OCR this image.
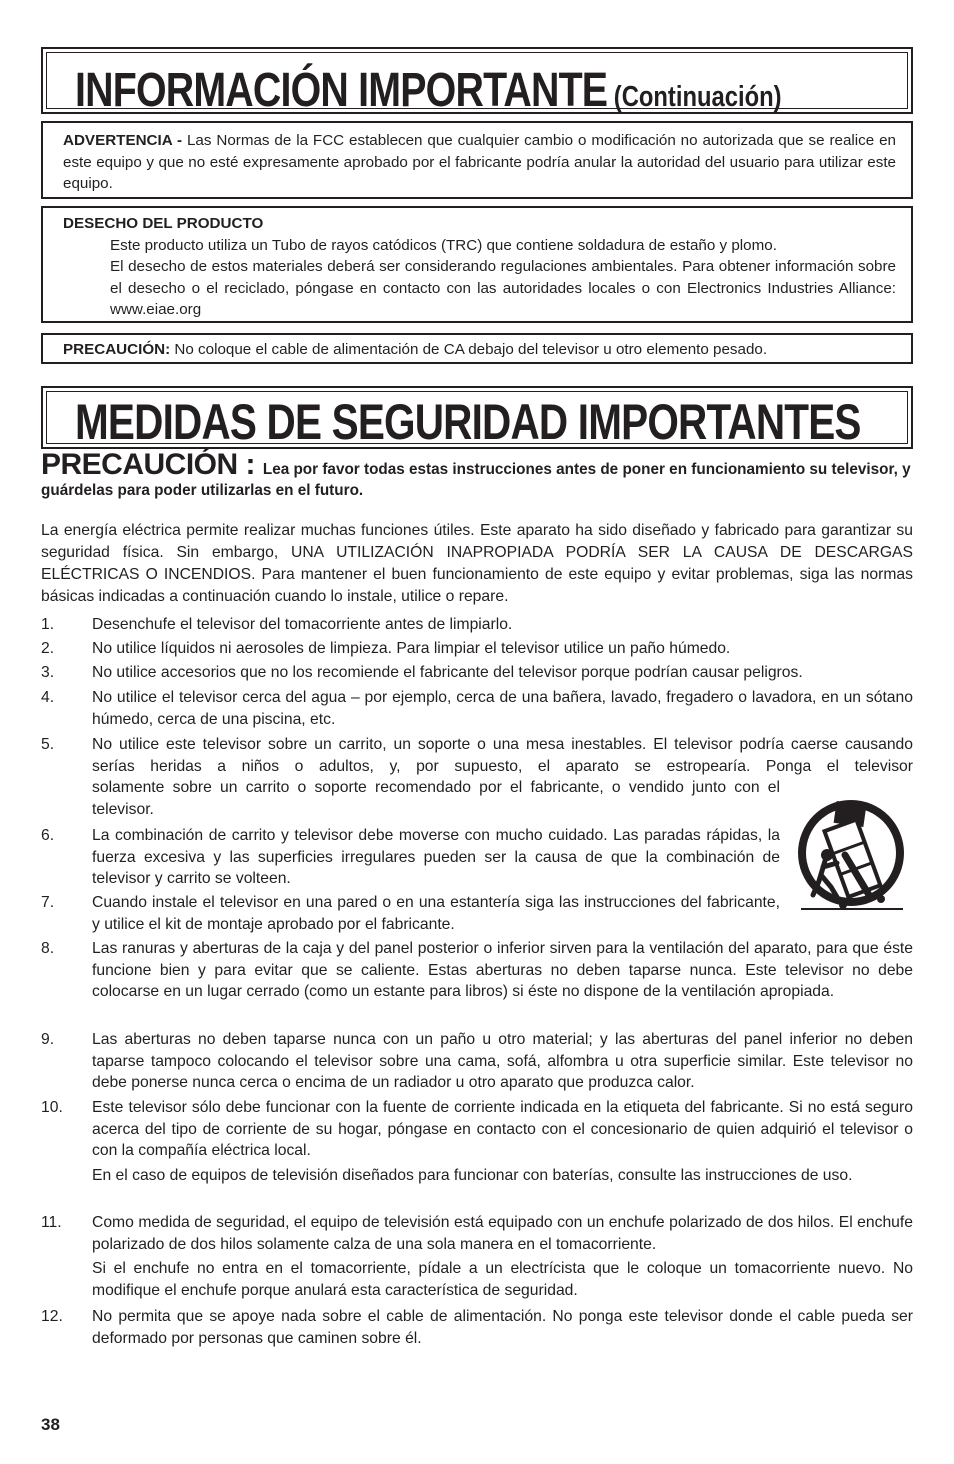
INFORMACIÓN IMPORTANTE (Continuación)
ADVERTENCIA - Las Normas de la FCC establecen que cualquier cambio o modificación no autorizada que se realice en este equipo y que no esté expresamente aprobado por el fabricante podría anular la autoridad del usuario para utilizar este equipo.
DESECHO DEL PRODUCTO
Este producto utiliza un Tubo de rayos catódicos (TRC) que contiene soldadura de estaño y plomo.
El desecho de estos materiales deberá ser considerando regulaciones ambientales. Para obtener información sobre el desecho o el reciclado, póngase en contacto con las autoridades locales o con Electronics Industries Alliance: www.eiae.org
PRECAUCIÓN: No coloque el cable de alimentación de CA debajo del televisor u otro elemento pesado.
MEDIDAS DE SEGURIDAD IMPORTANTES
PRECAUCIÓN : Lea por favor todas estas instrucciones antes de poner en funcionamiento su televisor, y guárdelas para poder utilizarlas en el futuro.
La energía eléctrica permite realizar muchas funciones útiles. Este aparato ha sido diseñado y fabricado para garantizar su seguridad física. Sin embargo, UNA UTILIZACIÓN INAPROPIADA PODRÍA SER LA CAUSA DE DESCARGAS ELÉCTRICAS O INCENDIOS. Para mantener el buen funcionamiento de este equipo y evitar problemas, siga las normas básicas indicadas a continuación cuando lo instale, utilice o repare.
1.	Desenchufe el televisor del tomacorriente antes de limpiarlo.
2.	No utilice líquidos ni aerosoles de limpieza. Para limpiar el televisor utilice un paño húmedo.
3.	No utilice accesorios que no los recomiende el fabricante del televisor porque podrían causar peligros.
4.	No utilice el televisor cerca del agua – por ejemplo, cerca de una bañera, lavado, fregadero o lavadora, en un sótano húmedo, cerca de una piscina, etc.
5.	No utilice este televisor sobre un carrito, un soporte o una mesa inestables. El televisor podría caerse causando serías heridas a niños o adultos, y, por supuesto, el aparato se estropearía. Ponga el televisor solamente sobre un carrito o soporte recomendado por el fabricante, o vendido junto con el televisor.
6.	La combinación de carrito y televisor debe moverse con mucho cuidado. Las paradas rápidas, la fuerza excesiva y las superficies irregulares pueden ser la causa de que la combinación de televisor y carrito se volteen.
7.	Cuando instale el televisor en una pared o en una estantería siga las instrucciones del fabricante, y utilice el kit de montaje aprobado por el fabricante.
8.	Las ranuras y aberturas de la caja y del panel posterior o inferior sirven para la ventilación del aparato, para que éste funcione bien y para evitar que se caliente. Estas aberturas no deben taparse nunca. Este televisor no debe colocarse en un lugar cerrado (como un estante para libros) si éste no dispone de la ventilación apropiada.
9.	Las aberturas no deben taparse nunca con un paño u otro material; y las aberturas del panel inferior no deben taparse tampoco colocando el televisor sobre una cama, sofá, alfombra u otra superficie similar. Este televisor no debe ponerse nunca cerca o encima de un radiador u otro aparato que produzca calor.
10.	Este televisor sólo debe funcionar con la fuente de corriente indicada en la etiqueta del fabricante. Si no está seguro acerca del tipo de corriente de su hogar, póngase en contacto con el concesionario de quien adquirió el televisor o con la compañía eléctrica local.
En el caso de equipos de televisión diseñados para funcionar con baterías, consulte las instrucciones de uso.
11.	Como medida de seguridad, el equipo de televisión está equipado con un enchufe polarizado de dos hilos. El enchufe polarizado de dos hilos solamente calza de una sola manera en el tomacorriente.
Si el enchufe no entra en el tomacorriente, pídale a un electrícista que le coloque un tomacorriente nuevo. No modifique el enchufe porque anulará esta característica de seguridad.
12.	No permita que se apoye nada sobre el cable de alimentación. No ponga este televisor donde el cable pueda ser deformado por personas que caminen sobre él.
38
